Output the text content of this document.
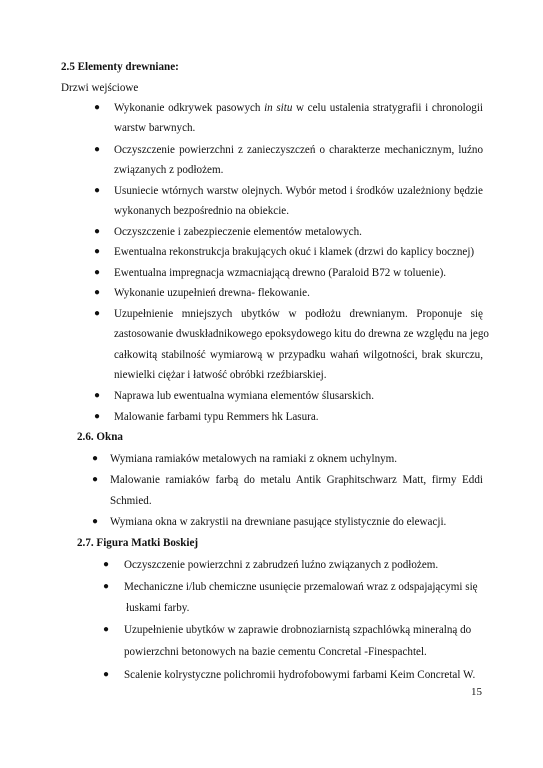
2.5 Elementy drewniane:
Drzwi wejściowe
● Wykonanie odkrywek pasowych in situ w celu ustalenia stratygrafii i chronologii
warstw barwnych.
● Oczyszczenie powierzchni z zanieczyszczeń o charakterze mechanicznym, luźno
związanych z podłożem.
● Usuniecie wtórnych warstw olejnych. Wybór metod i środków uzależniony będzie
wykonanych bezpośrednio na obiekcie.
● Oczyszczenie i zabezpieczenie elementów metalowych.
● Ewentualna rekonstrukcja brakujących okuć i klamek (drzwi do kaplicy bocznej)
● Ewentualna impregnacja wzmacniającą drewno (Paraloid B72 w toluenie).
● Wykonanie uzupełnień drewna- flekowanie.
● Uzupełnienie mniejszych ubytków w podłożu drewnianym. Proponuje się
zastosowanie dwuskładnikowego epoksydowego kitu do drewna ze względu na jego
całkowitą stabilność wymiarową w przypadku wahań wilgotności, brak skurczu,
niewielki ciężar i łatwość obróbki rzeźbiarskiej.
● Naprawa lub ewentualna wymiana elementów ślusarskich.
● Malowanie farbami typu Remmers hk Lasura.
2.6. Okna
● Wymiana ramiaków metalowych na ramiaki z oknem uchylnym.
● Malowanie ramiaków farbą do metalu Antik Graphitschwarz Matt, firmy Eddi
Schmied.
● Wymiana okna w zakrystii na drewniane pasujące stylistycznie do elewacji.
2.7. Figura Matki Boskiej
● Oczyszczenie powierzchni z zabrudzeń luźno związanych z podłożem.
● Mechaniczne i/lub chemiczne usunięcie przemalowań wraz z odspajającymi się
łuskami farby.
● Uzupełnienie ubytków w zaprawie drobnoziarnistą szpachlówką mineralną do
powierzchni betonowych na bazie cementu Concretal -Finespachtel.
● Scalenie kolrystyczne polichromii hydrofobowymi farbami Keim Concretal W.
15
